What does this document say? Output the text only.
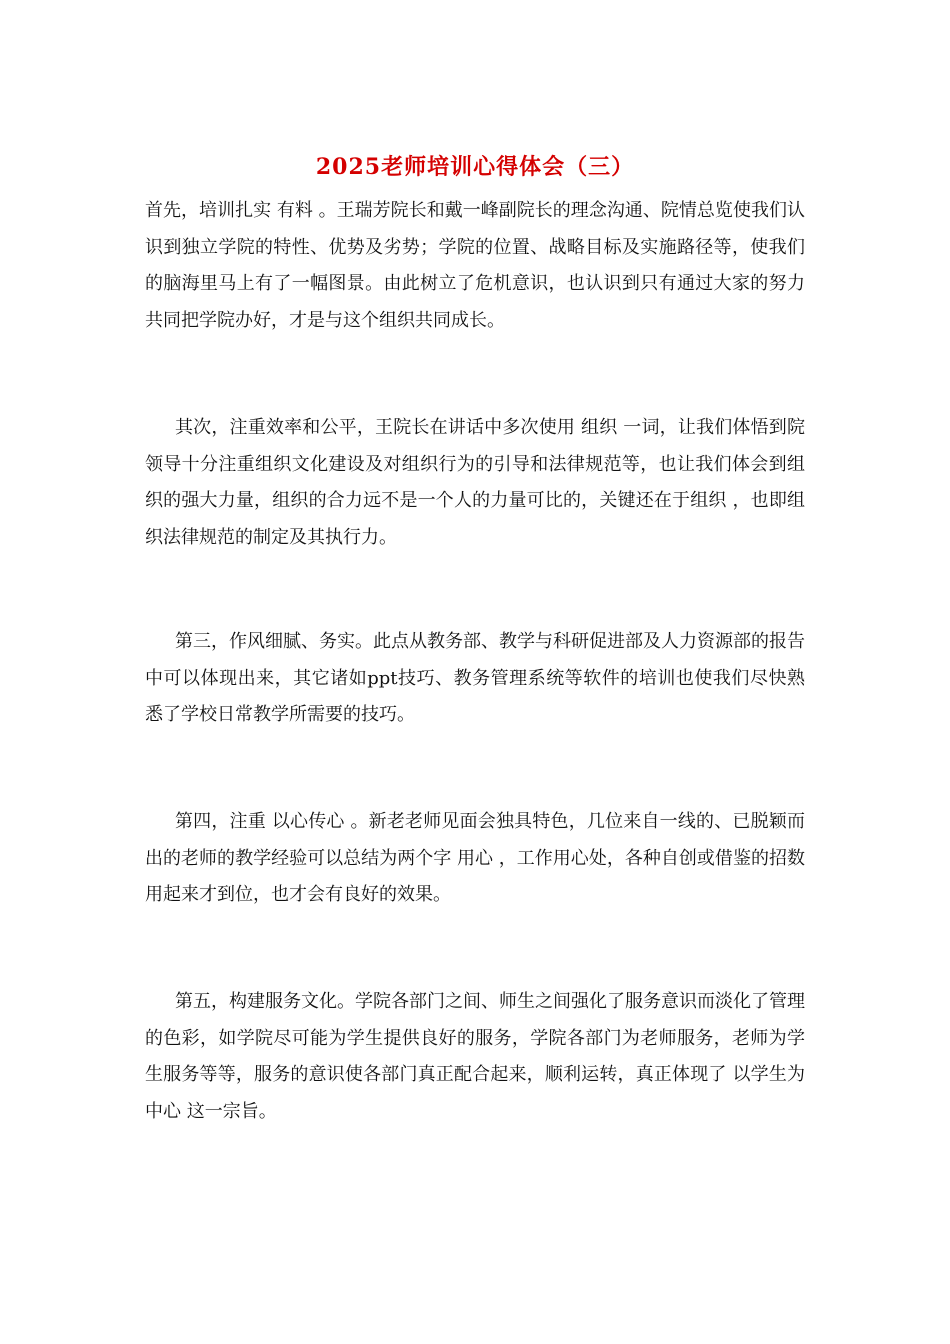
2025老师培训心得体会（三）

首先，培训扎实 有料 。王瑞芳院长和戴一峰副院长的理念沟通、院情总览使我们认识到独立学院的特性、优势及劣势；学院的位置、战略目标及实施路径等，使我们的脑海里马上有了一幅图景。由此树立了危机意识，也认识到只有通过大家的努力共同把学院办好，才是与这个组织共同成长。

其次，注重效率和公平，王院长在讲话中多次使用 组织 一词，让我们体悟到院领导十分注重组织文化建设及对组织行为的引导和法律规范等，也让我们体会到组织的强大力量，组织的合力远不是一个人的力量可比的，关键还在于组织 ，也即组织法律规范的制定及其执行力。

第三，作风细腻、务实。此点从教务部、教学与科研促进部及人力资源部的报告中可以体现出来，其它诸如ppt技巧、教务管理系统等软件的培训也使我们尽快熟悉了学校日常教学所需要的技巧。

第四，注重 以心传心 。新老老师见面会独具特色，几位来自一线的、已脱颖而出的老师的教学经验可以总结为两个字 用心 ，工作用心处，各种自创或借鉴的招数用起来才到位，也才会有良好的效果。

第五，构建服务文化。学院各部门之间、师生之间强化了服务意识而淡化了管理的色彩，如学院尽可能为学生提供良好的服务，学院各部门为老师服务，老师为学生服务等等，服务的意识使各部门真正配合起来，顺利运转，真正体现了 以学生为中心 这一宗旨。
